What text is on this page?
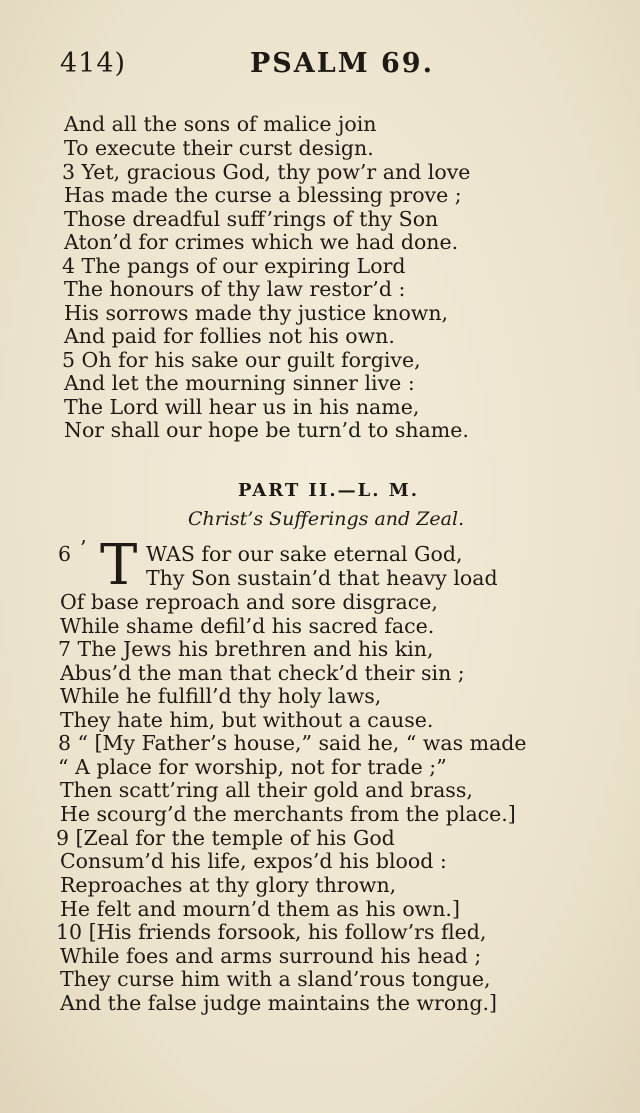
414)	PSALM 69.
And all the sons of malice join
To execute their curst design.
3 Yet, gracious God, thy pow’r and love
Has made the curse a blessing prove ;
Those dreadful suff’rings of thy Son
Aton’d for crimes which we had done.
4 The pangs of our expiring Lord
The honours of thy law restor’d :
His sorrows made thy justice known,
And paid for follies not his own.
5 Oh for his sake our guilt forgive,
And let the mourning sinner live :
The Lord will hear us in his name,
Nor shall our hope be turn’d to shame.
PART II.—L. M.
Christ’s Sufferings and Zeal.
6 ’ T WAS for our sake eternal God,
Thy Son sustain’d that heavy load
Of base reproach and sore disgrace,
While shame defil’d his sacred face.
7 The Jews his brethren and his kin,
Abus’d the man that check’d their sin ;
While he fulfill’d thy holy laws,
They hate him, but without a cause.
8 “ [My Father’s house,” said he, “ was made
“ A place for worship, not for trade ;”
Then scatt’ring all their gold and brass,
He scourg’d the merchants from the place.]
9 [Zeal for the temple of his God
Consum’d his life, expos’d his blood :
Reproaches at thy glory thrown,
He felt and mourn’d them as his own.]
10 [His friends forsook, his follow’rs fled,
While foes and arms surround his head ;
They curse him with a sland’rous tongue,
And the false judge maintains the wrong.]
